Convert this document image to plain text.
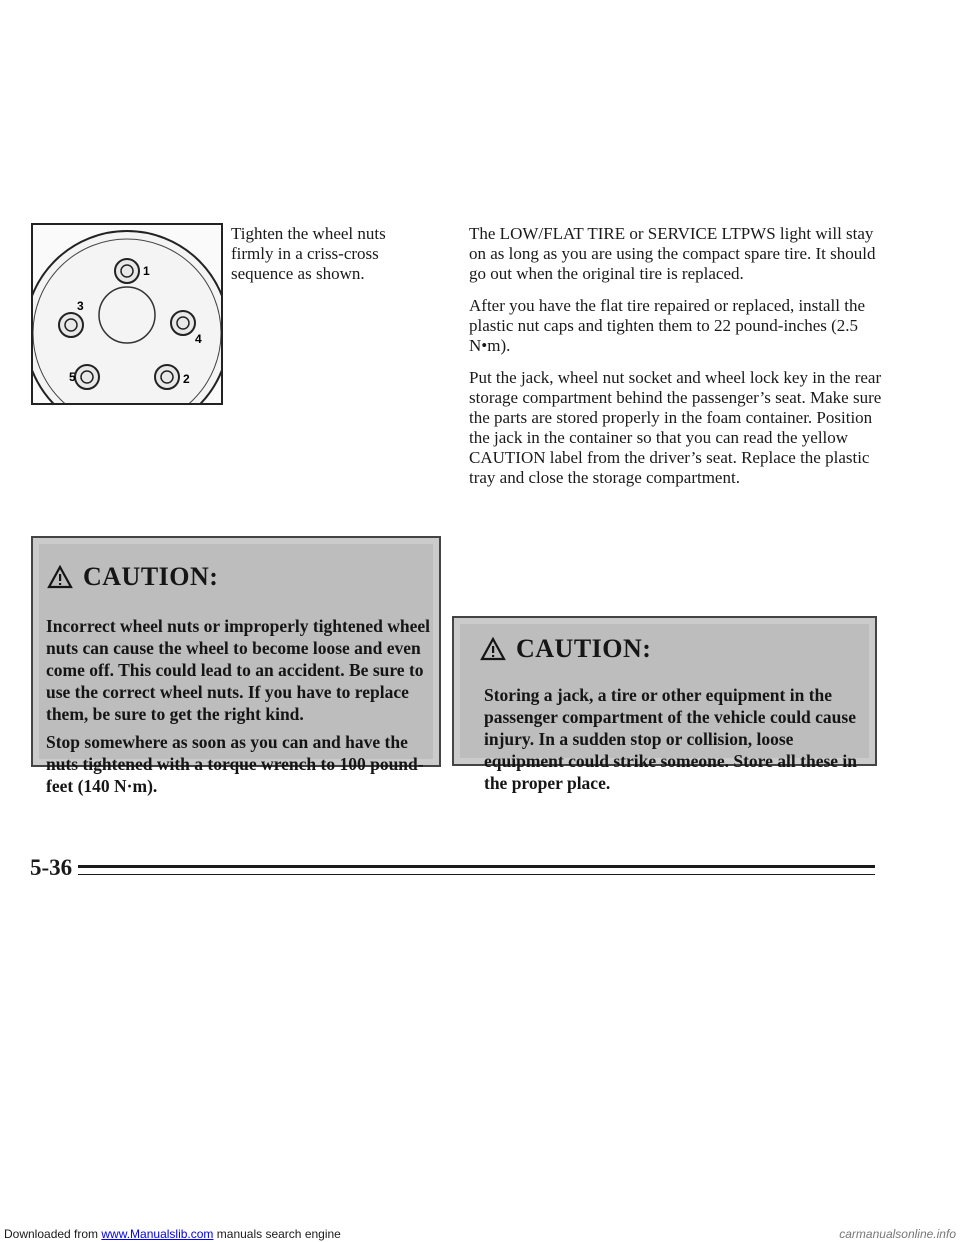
1
2
3
4
5

Tighten the wheel nuts firmly in a criss-cross sequence as shown.

CAUTION:

Incorrect wheel nuts or improperly tightened wheel nuts can cause the wheel to become loose and even come off. This could lead to an accident. Be sure to use the correct wheel nuts. If you have to replace them, be sure to get the right kind.

Stop somewhere as soon as you can and have the nuts tightened with a torque wrench to 100 pound-feet (140 N·m).

The LOW/FLAT TIRE or SERVICE LTPWS light will stay on as long as you are using the compact spare tire. It should go out when the original tire is replaced.

After you have the flat tire repaired or replaced, install the plastic nut caps and tighten them to 22 pound-inches (2.5 N•m).

Put the jack, wheel nut socket and wheel lock key in the rear storage compartment behind the passenger’s seat. Make sure the parts are stored properly in the foam container. Position the jack in the container so that you can read the yellow CAUTION label from the driver’s seat. Replace the plastic tray and close the storage compartment.

CAUTION:

Storing a jack, a tire or other equipment in the passenger compartment of the vehicle could cause injury. In a sudden stop or collision, loose equipment could strike someone. Store all these in the proper place.

5-36
Downloaded from www.Manualslib.com manuals search engine	carmanualsonline.info
